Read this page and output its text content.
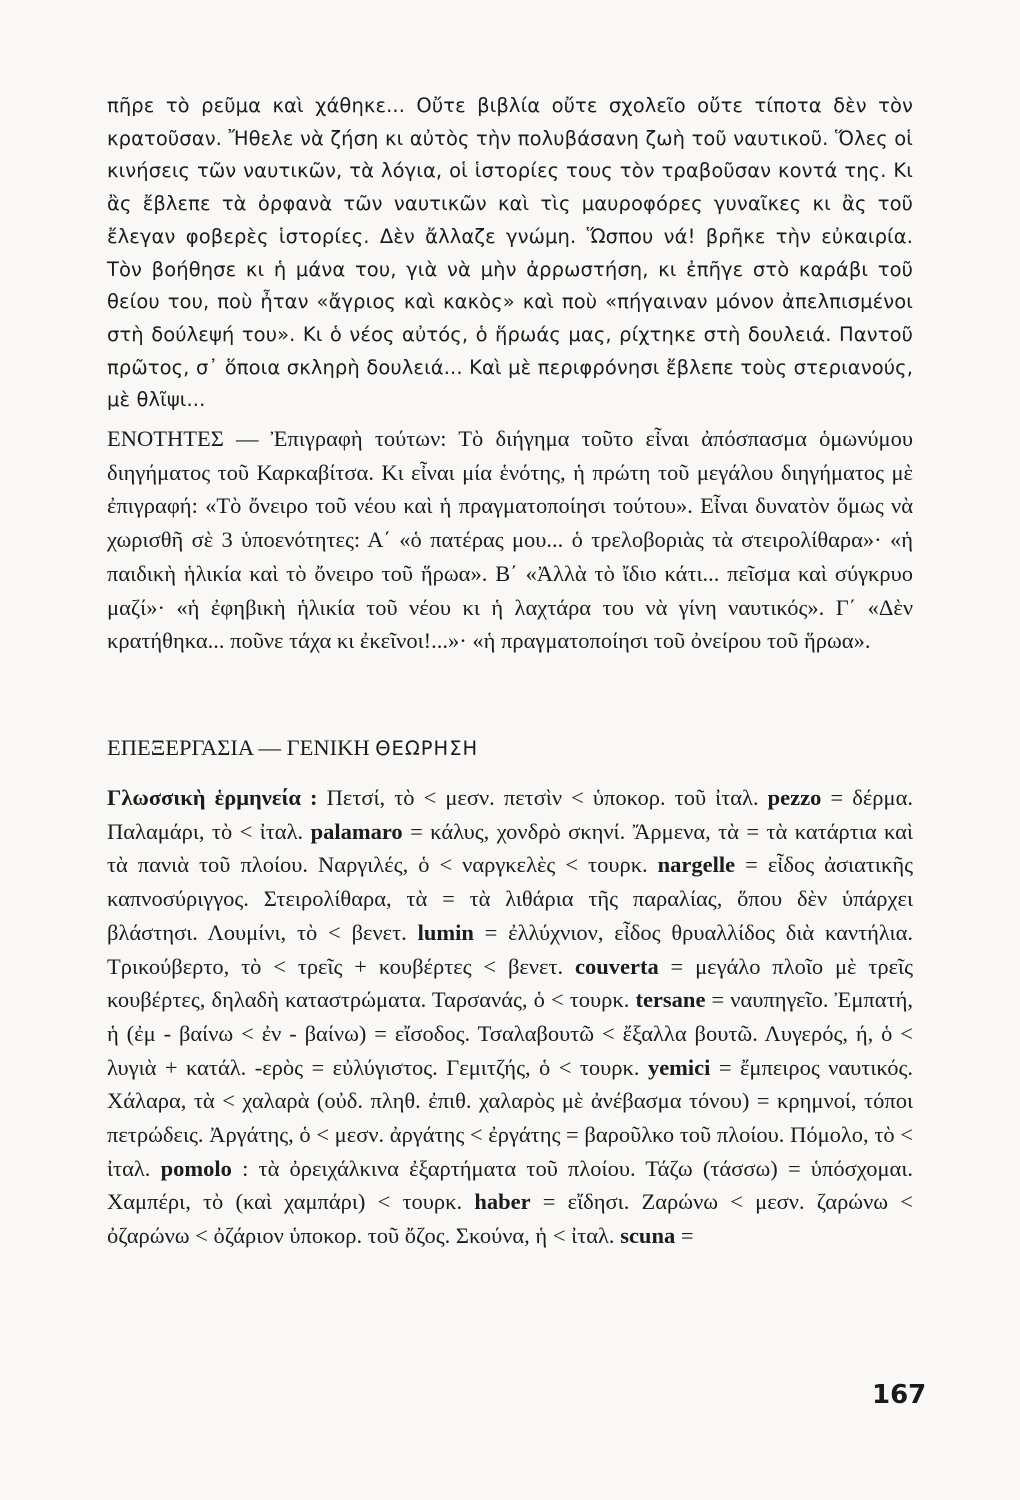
πῆρε τὸ ρεῦμα καὶ χάθηκε... Οὔτε βιβλία οὔτε σχολεῖο οὔτε τίποτα δὲν τὸν κρατοῦσαν. Ἤθελε νὰ ζήση κι αὐτὸς τὴν πολυβάσανη ζωὴ τοῦ ναυτικοῦ. Ὅλες οἱ κινήσεις τῶν ναυτικῶν, τὰ λόγια, οἱ ἱστορίες τους τὸν τραβοῦσαν κοντά της. Κι ἂς ἔβλεπε τὰ ὀρφανὰ τῶν ναυτικῶν καὶ τὶς μαυροφόρες γυναῖκες κι ἂς τοῦ ἔλεγαν φοβερὲς ἱστορίες. Δὲν ἄλλαζε γνώμη. Ὥσπου νά! βρῆκε τὴν εὐκαιρία. Τὸν βοήθησε κι ἡ μάνα του, γιὰ νὰ μὴν ἀρρωστήση, κι ἐπῆγε στὸ καράβι τοῦ θείου του, ποὺ ἦταν «ἄγριος καὶ κακὸς» καὶ ποὺ «πήγαιναν μόνον ἀπελπισμένοι στὴ δούλεψή του». Κι ὁ νέος αὐτός, ὁ ἥρωάς μας, ρίχτηκε στὴ δουλειά. Παντοῦ πρῶτος, σ᾽ ὅποια σκληρὴ δουλειά... Καὶ μὲ περιφρόνησι ἔβλεπε τοὺς στεριανούς, μὲ θλῖψι...

ΕΝΟΤΗΤΕΣ — Ἐπιγραφὴ τούτων: Τὸ διήγημα τοῦτο εἶναι ἀπόσπασμα ὁμωνύμου διηγήματος τοῦ Καρκαβίτσα. Κι εἶναι μία ἑνότης, ἡ πρώτη τοῦ μεγάλου διηγήματος μὲ ἐπιγραφή: «Τὸ ὄνειρο τοῦ νέου καὶ ἡ πραγματοποίησι τούτου». Εἶναι δυνατὸν ὅμως νὰ χωρισθῆ σὲ 3 ὑποενότητες: Α΄ «ὁ πατέρας μου... ὁ τρελοβοριὰς τὰ στειρολίθαρα»· «ἡ παιδικὴ ἡλικία καὶ τὸ ὄνειρο τοῦ ἥρωα». Β΄ «Ἀλλὰ τὸ ἴδιο κάτι... πεῖσμα καὶ σύγκρυο μαζί»· «ἡ ἐφηβικὴ ἡλικία τοῦ νέου κι ἡ λαχτάρα του νὰ γίνη ναυτικός». Γ΄ «Δὲν κρατήθηκα... ποῦνε τάχα κι ἐκεῖνοι!...»· «ἡ πραγματοποίησι τοῦ ὀνείρου τοῦ ἥρωα».

ΕΠΕΞΕΡΓΑΣΙΑ — ΓΕΝΙΚΗ ΘΕΩΡΗΣΗ

Γλωσσικὴ ἑρμηνεία : Πετσί, τὸ < μεσν. πετσὶν < ὑποκορ. τοῦ ἰταλ. pezzo = δέρμα. Παλαμάρι, τὸ < ἰταλ. palamaro = κάλυς, χονδρὸ σκηνί. Ἄρμενα, τὰ = τὰ κατάρτια καὶ τὰ πανιὰ τοῦ πλοίου. Ναργιλές, ὁ < ναργκελὲς < τουρκ. nargelle = εἶδος ἀσιατικῆς καπνοσύριγγος. Στειρολίθαρα, τὰ = τὰ λιθάρια τῆς παραλίας, ὅπου δὲν ὑπάρχει βλάστησι. Λουμίνι, τὸ < βενετ. lumin = ἐλλύχνιον, εἶδος θρυαλλίδος διὰ καντήλια. Τρικούβερτο, τὸ < τρεῖς + κουβέρτες < βενετ. couverta = μεγάλο πλοῖο μὲ τρεῖς κουβέρτες, δηλαδὴ καταστρώματα. Ταρσανάς, ὁ < τουρκ. tersane = ναυπηγεῖο. Ἐμπατή, ἡ (ἐμ - βαίνω < ἐν - βαίνω) = εἴσοδος. Τσαλαβουτῶ < ἔξαλλα βουτῶ. Λυγερός, ή, ὁ < λυγιὰ + κατάλ. -ερὸς = εὐλύγιστος. Γεμιτζής, ὁ < τουρκ. yemici = ἔμπειρος ναυτικός. Χάλαρα, τὰ < χαλαρὰ (οὐδ. πληθ. ἐπιθ. χαλαρὸς μὲ ἀνέβασμα τόνου) = κρημνοί, τόποι πετρώδεις. Ἀργάτης, ὁ < μεσν. ἀργάτης < ἐργάτης = βαροῦλκο τοῦ πλοίου. Πόμολο, τὸ < ἰταλ. pomolo : τὰ ὀρειχάλκινα ἐξαρτήματα τοῦ πλοίου. Τάζω (τάσσω) = ὑπόσχομαι. Χαμπέρι, τὸ (καὶ χαμπάρι) < τουρκ. haber = εἴδησι. Ζαρώνω < μεσν. ζαρώνω < ὀζαρώνω < ὀζάριον ὑποκορ. τοῦ ὄζος. Σκούνα, ἡ < ἰταλ. scuna =

167
